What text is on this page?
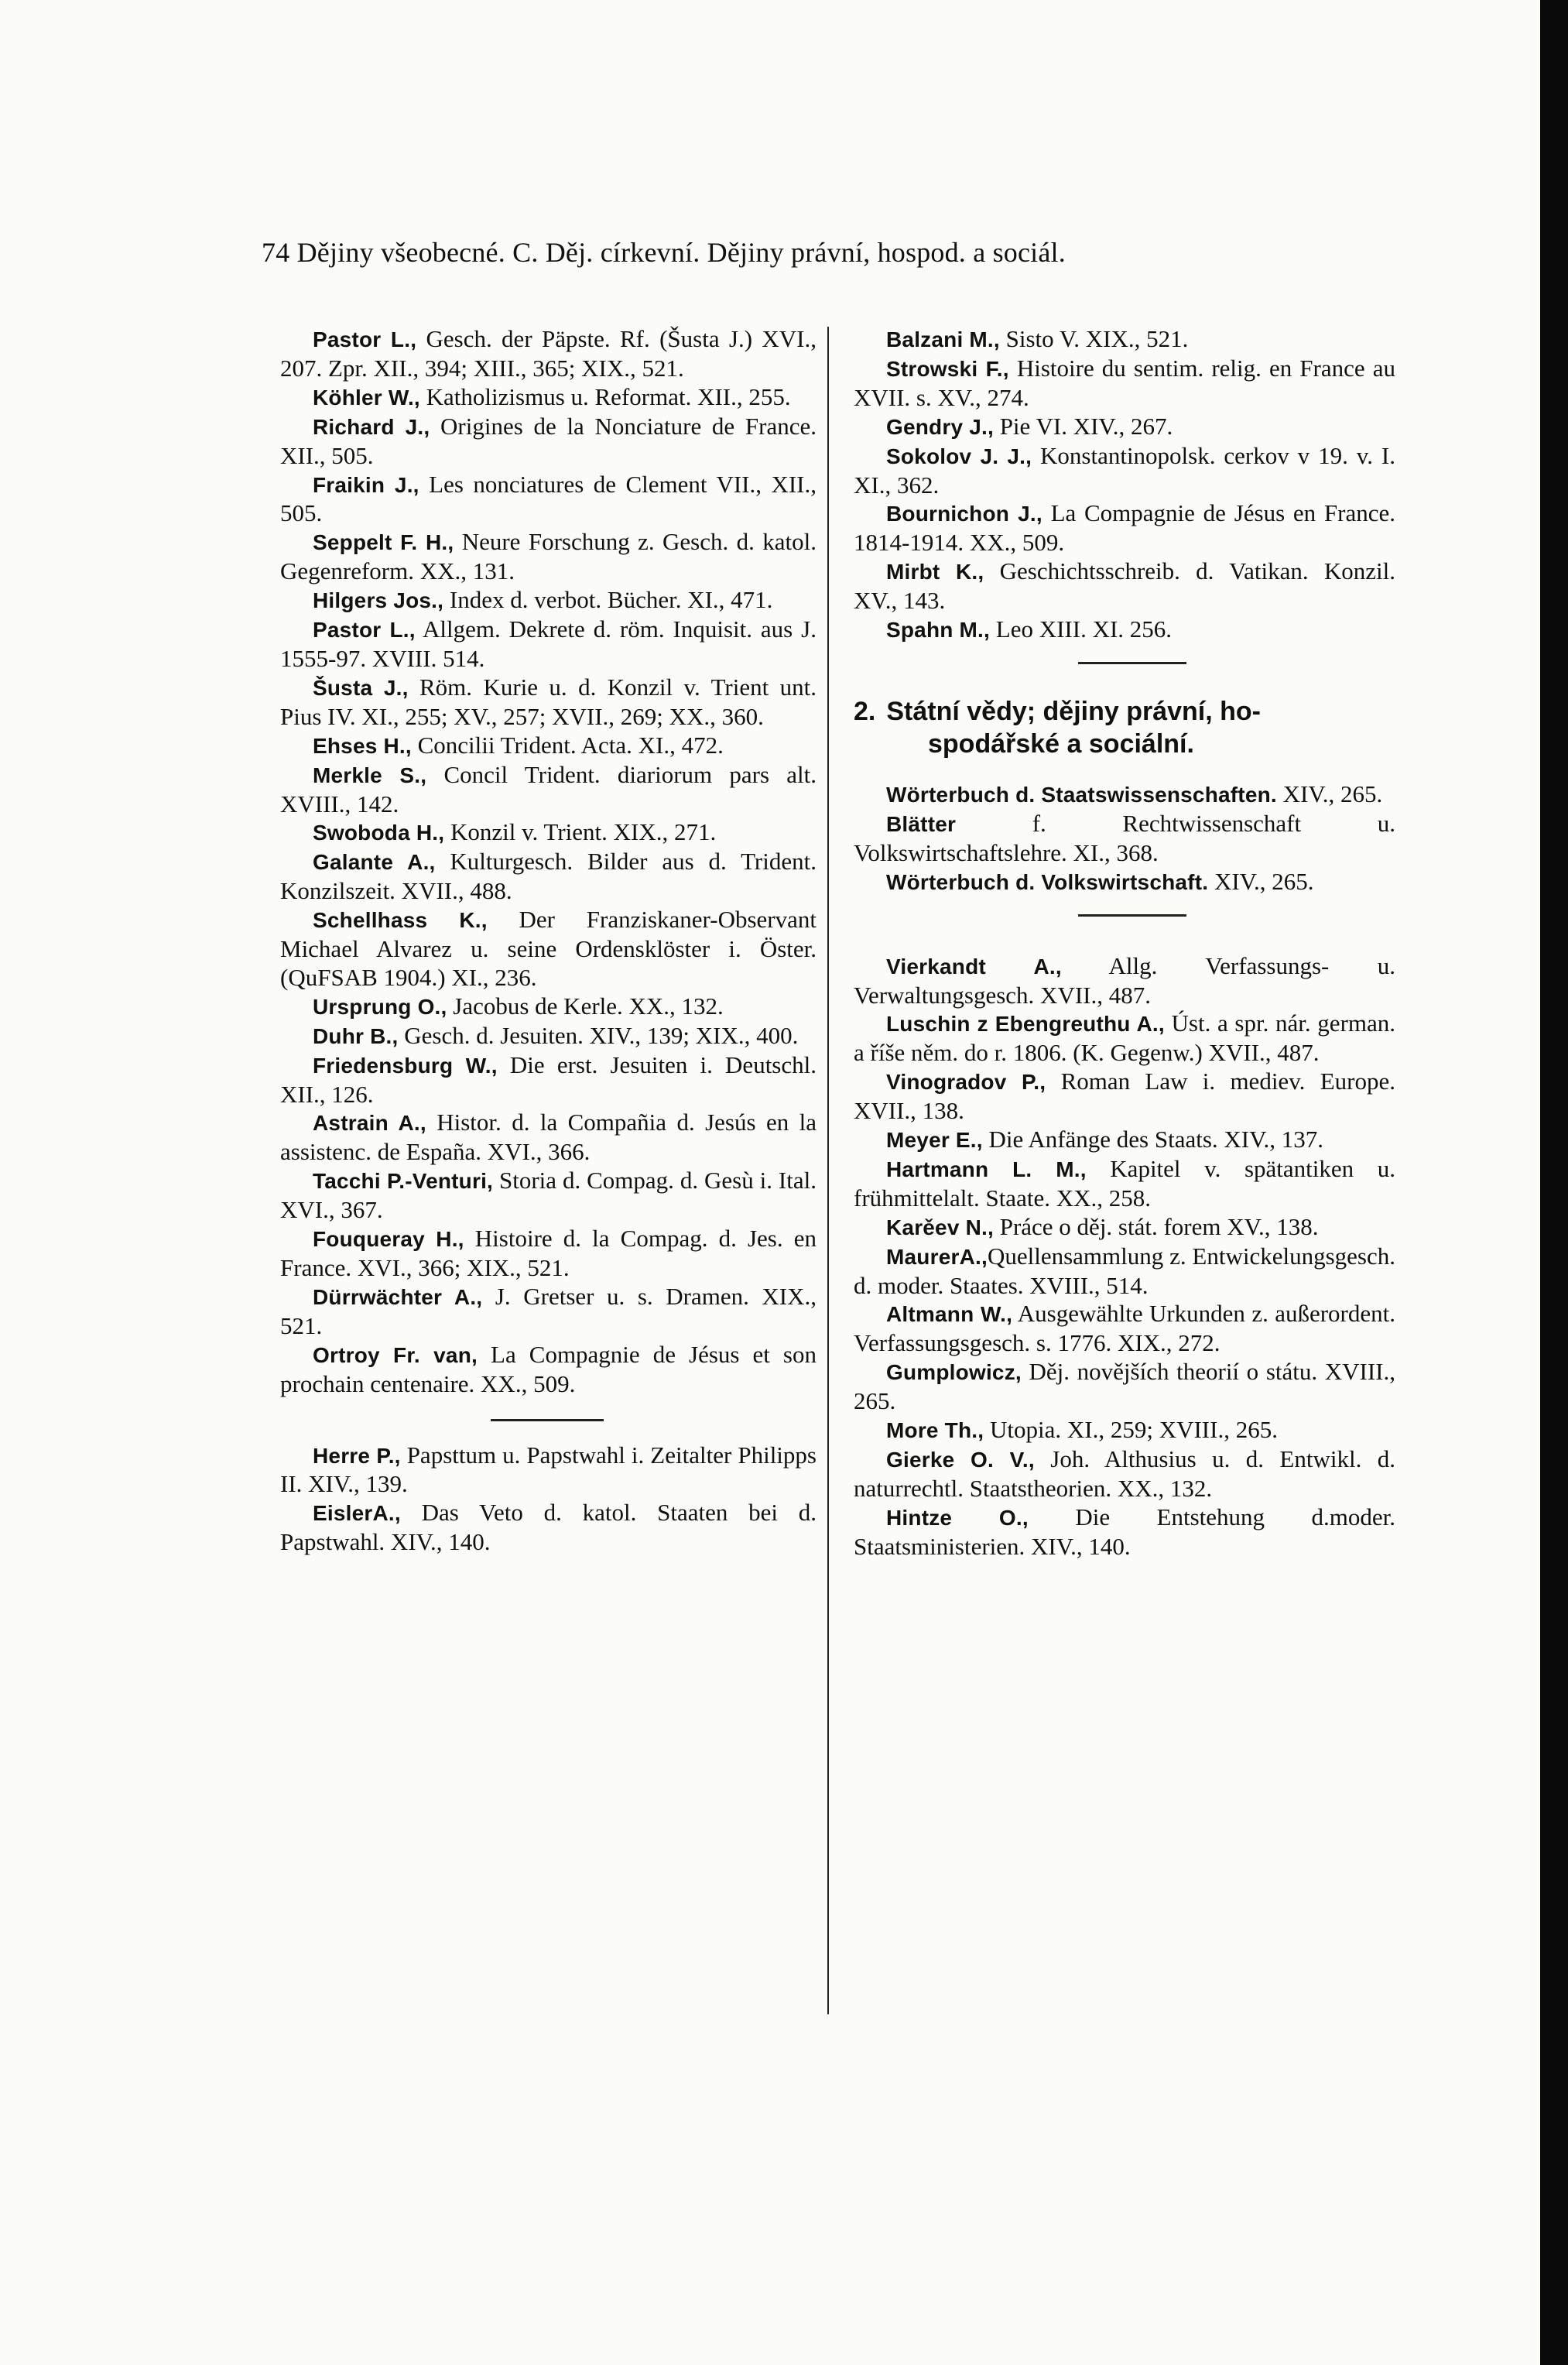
74 Dějiny všeobecné. C. Děj. církevní. Dějiny právní, hospod. a sociál.
Pastor L., Gesch. der Päpste. Rf. (Šusta J.) XVI., 207. Zpr. XII., 394; XIII., 365; XIX., 521.
Köhler W., Katholizismus u. Reformat. XII., 255.
Richard J., Origines de la Nonciature de France. XII., 505.
Fraikin J., Les nonciatures de Clement VII., XII., 505.
Seppelt F. H., Neure Forschung z. Gesch. d. katol. Gegenreform. XX., 131.
Hilgers Jos., Index d. verbot. Bücher. XI., 471.
Pastor L., Allgem. Dekrete d. röm. Inquisit. aus J. 1555-97. XVIII. 514.
Šusta J., Röm. Kurie u. d. Konzil v. Trient unt. Pius IV. XI., 255; XV., 257; XVII., 269; XX., 360.
Ehses H., Concilii Trident. Acta. XI., 472.
Merkle S., Concil Trident. diariorum pars alt. XVIII., 142.
Swoboda H., Konzil v. Trient. XIX., 271.
Galante A., Kulturgesch. Bilder aus d. Trident. Konzilszeit. XVII., 488.
Schellhass K., Der Franziskaner-Observant Michael Alvarez u. seine Ordensklöster i. Öster. (QuFSAB 1904.) XI., 236.
Ursprung O., Jacobus de Kerle. XX., 132.
Duhr B., Gesch. d. Jesuiten. XIV., 139; XIX., 400.
Friedensburg W., Die erst. Jesuiten i. Deutschl. XII., 126.
Astrain A., Histor. d. la Compañia d. Jesús en la assistenc. de España. XVI., 366.
Tacchi P.-Venturi, Storia d. Compag. d. Gesù i. Ital. XVI., 367.
Fouqueray H., Histoire d. la Compag. d. Jes. en France. XVI., 366; XIX., 521.
Dürrwächter A., J. Gretser u. s. Dramen. XIX., 521.
Ortroy Fr. van, La Compagnie de Jésus et son prochain centenaire. XX., 509.
Herre P., Papsttum u. Papstwahl i. Zeitalter Philipps II. XIV., 139.
EislerA., Das Veto d. katol. Staaten bei d. Papstwahl. XIV., 140.
Balzani M., Sisto V. XIX., 521.
Strowski F., Histoire du sentim. relig. en France au XVII. s. XV., 274.
Gendry J., Pie VI. XIV., 267.
Sokolov J. J., Konstantinopolsk. cerkov v 19. v. I. XI., 362.
Bournichon J., La Compagnie de Jésus en France. 1814-1914. XX., 509.
Mirbt K., Geschichtsschreib. d. Vatikan. Konzil. XV., 143.
Spahn M., Leo XIII. XI. 256.
2. Státní vědy; dějiny právní, ho-
spodářské a sociální.
Wörterbuch d. Staatswissenschaften. XIV., 265.
Blätter f. Rechtwissenschaft u. Volkswirtschaftslehre. XI., 368.
Wörterbuch d. Volkswirtschaft. XIV., 265.
Vierkandt A., Allg. Verfassungs- u. Verwaltungsgesch. XVII., 487.
Luschin z Ebengreuthu A., Úst. a spr. nár. german. a říše něm. do r. 1806. (K. Gegenw.) XVII., 487.
Vinogradov P., Roman Law i. mediev. Europe. XVII., 138.
Meyer E., Die Anfänge des Staats. XIV., 137.
Hartmann L. M., Kapitel v. spätantiken u. frühmittelalt. Staate. XX., 258.
Karěev N., Práce o děj. stát. forem XV., 138.
MaurerA.,Quellensammlung z. Entwickelungsgesch. d. moder. Staates. XVIII., 514.
Altmann W., Ausgewählte Urkunden z. außerordent. Verfassungsgesch. s. 1776. XIX., 272.
Gumplowicz, Děj. novějších theorií o státu. XVIII., 265.
More Th., Utopia. XI., 259; XVIII., 265.
Gierke O. V., Joh. Althusius u. d. Entwikl. d. naturrechtl. Staatstheorien. XX., 132.
Hintze O., Die Entstehung d.moder. Staatsministerien. XIV., 140.
